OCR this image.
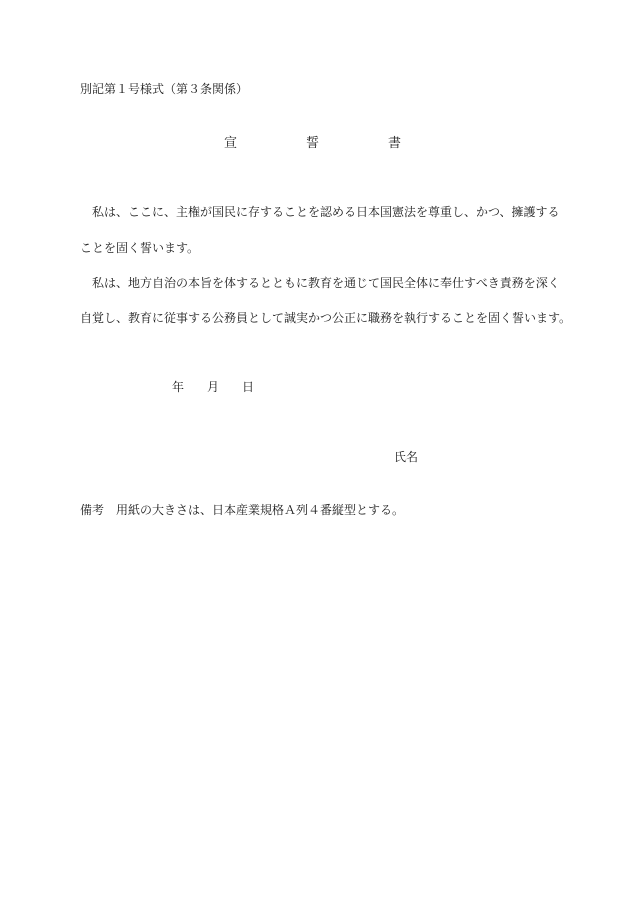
別記第１号様式（第３条関係）
宣	誓	書
私は、ここに、主権が国民に存することを認める日本国憲法を尊重し、かつ、擁護する
ことを固く誓います。
私は、地方自治の本旨を体するとともに教育を通じて国民全体に奉仕すべき責務を深く
自覚し、教育に従事する公務員として誠実かつ公正に職務を執行することを固く誓います。
年 月 日
氏名
備考 用紙の大きさは、日本産業規格Ａ列４番縦型とする。
